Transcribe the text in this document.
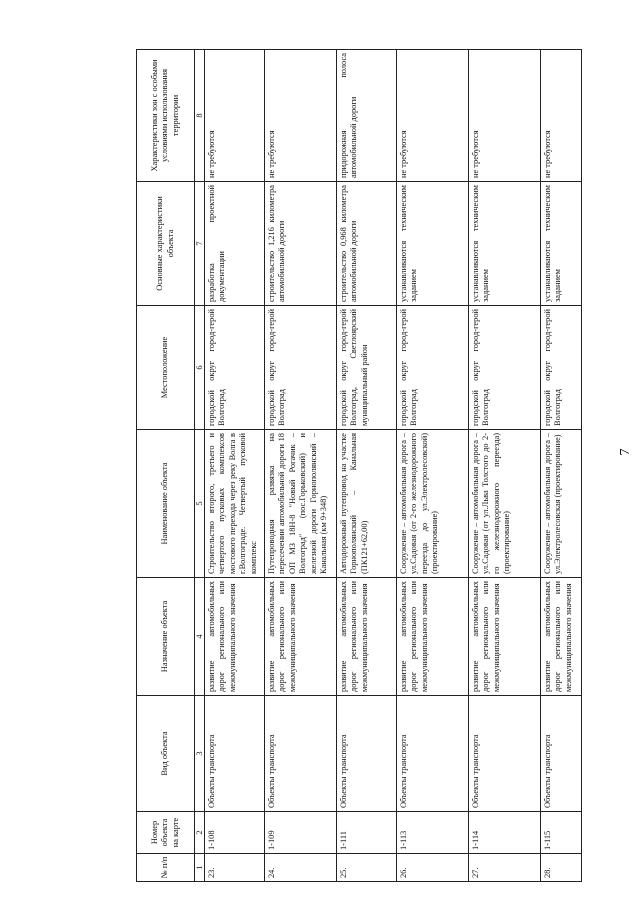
7
№ п/п	Номер объекта на карте	Вид объекта	Назначение объекта	Наименование объекта	Местоположение	Основные характеристики объекта	Характеристики зон с особыми условиями использования территории
1	2	3	4	5	6	7	8
23.	1-108	Объекты транспорта	развитие автомобильных дорог регионального или межмуниципального значения	Строительство второго, третьего и четвертого пусковых комплексов мостового перехода через реку Волга в г.Волгограде. Четвертый пусковой комплекс	городской округ город-герой Волгоград	разработка проектной документации	не требуются
24.	1-109	Объекты транспорта	развитие автомобильных дорог регионального или межмуниципального значения	Путепроводная развязка на пересечении автомобильной дороги 18 ОП МЗ 18Н-8 "Новый Рогачик – Волгоград" (пос.Горьковский) и железной дороги Горнополянский – Канальная (км 9+348)	городской округ город-герой Волгоград	строительство 1,216 километра автомобильной дороги	не требуются
25.	1-111	Объекты транспорта	развитие автомобильных дорог регионального или межмуниципального значения	Автодорожный путепровод на участке Горнополянский – Канальная (ПК121+62,00)	городской округ город-герой Волгоград, Светлоярский муниципальный район	строительство 0,968 километра автомобильной дороги	придорожная полоса автомобильной дороги
26.	1-113	Объекты транспорта	развитие автомобильных дорог регионального или межмуниципального значения	Сооружение – автомобильная дорога – ул.Садовая (от 2-го железнодорожного переезда до ул.Электролесовской) (проектирование)	городской округ город-герой Волгоград	устанавливаются техническим заданием	не требуются
27.	1-114	Объекты транспорта	развитие автомобильных дорог регионального или межмуниципального значения	Сооружение – автомобильная дорога – ул.Садовая (от ул.Льва Толстого до 2-го железнодорожного переезда) (проектирование)	городской округ город-герой Волгоград	устанавливаются техническим заданием	не требуются
28.	1-115	Объекты транспорта	развитие автомобильных дорог регионального или межмуниципального значения	Сооружение – автомобильная дорога – ул.Электролесовская (проектирование)	городской округ город-герой Волгоград	устанавливаются техническим заданием	не требуются
